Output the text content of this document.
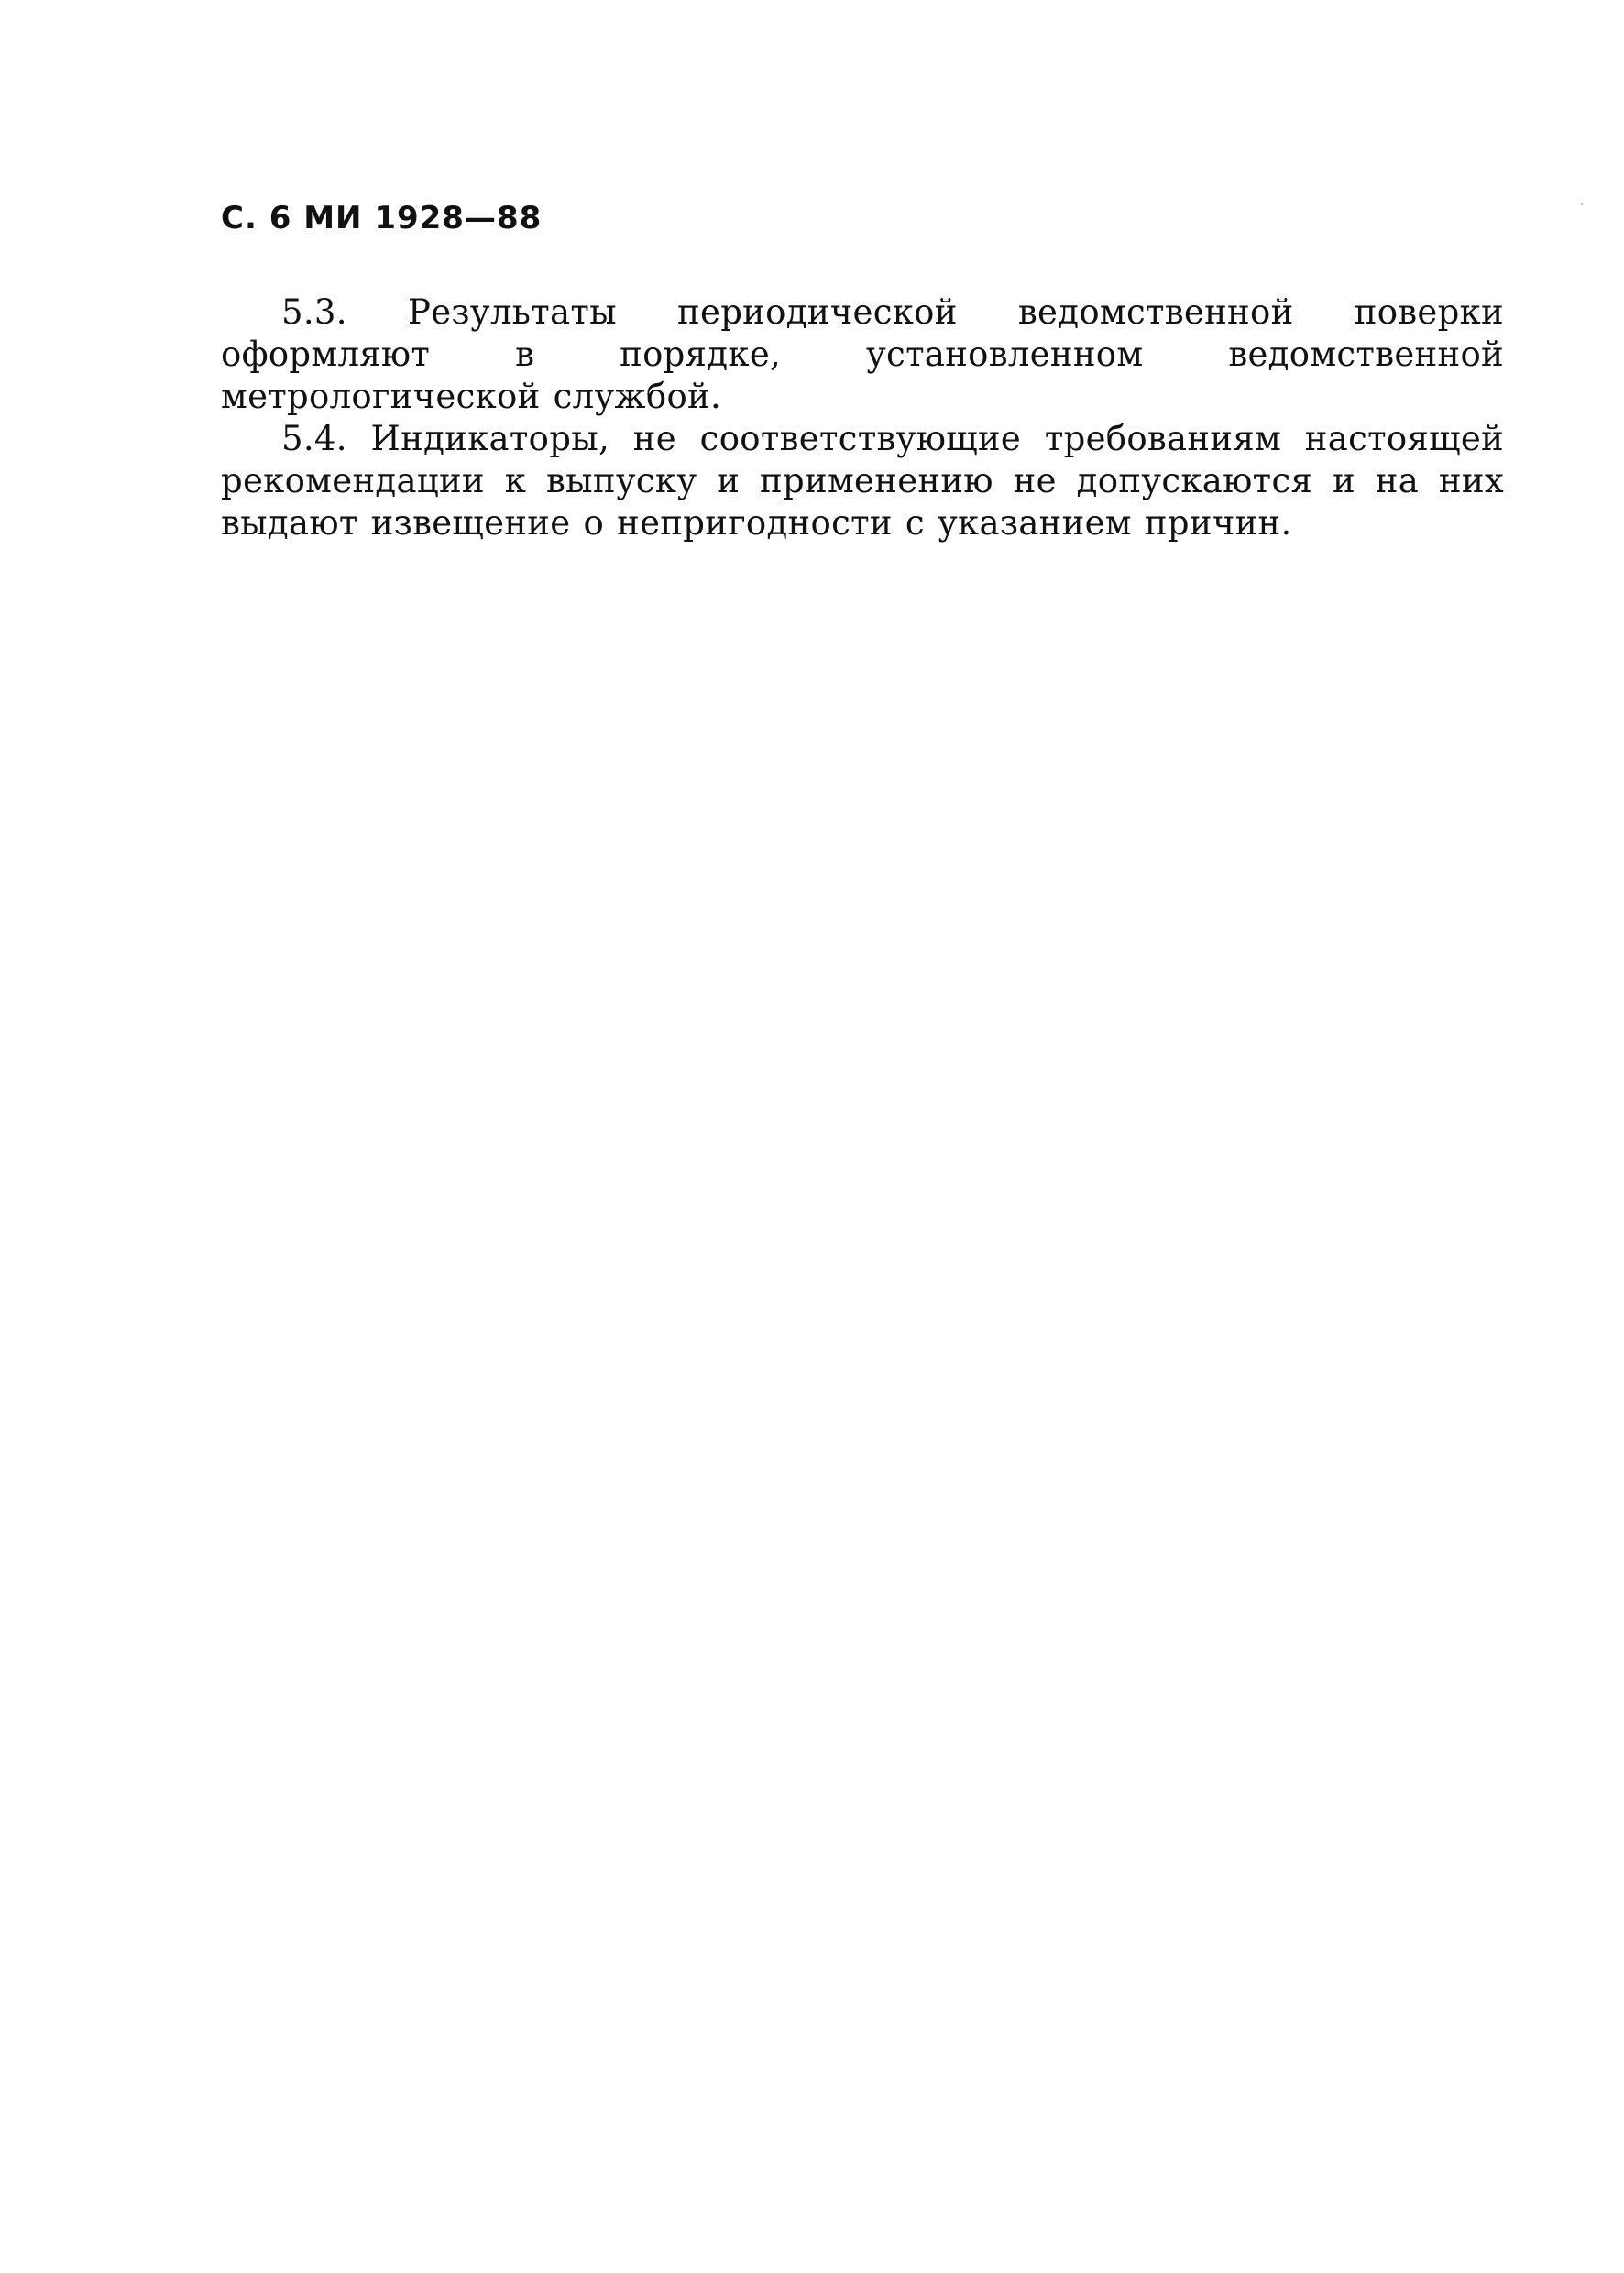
С. 6 МИ 1928—88

5.3. Результаты периодической ведомственной поверки оформляют в порядке, установленном ведомственной метрологической службой.

5.4. Индикаторы, не соответствующие требованиям настоящей рекомендации к выпуску и применению не допускаются и на них выдают извещение о непригодности с указанием причин.
